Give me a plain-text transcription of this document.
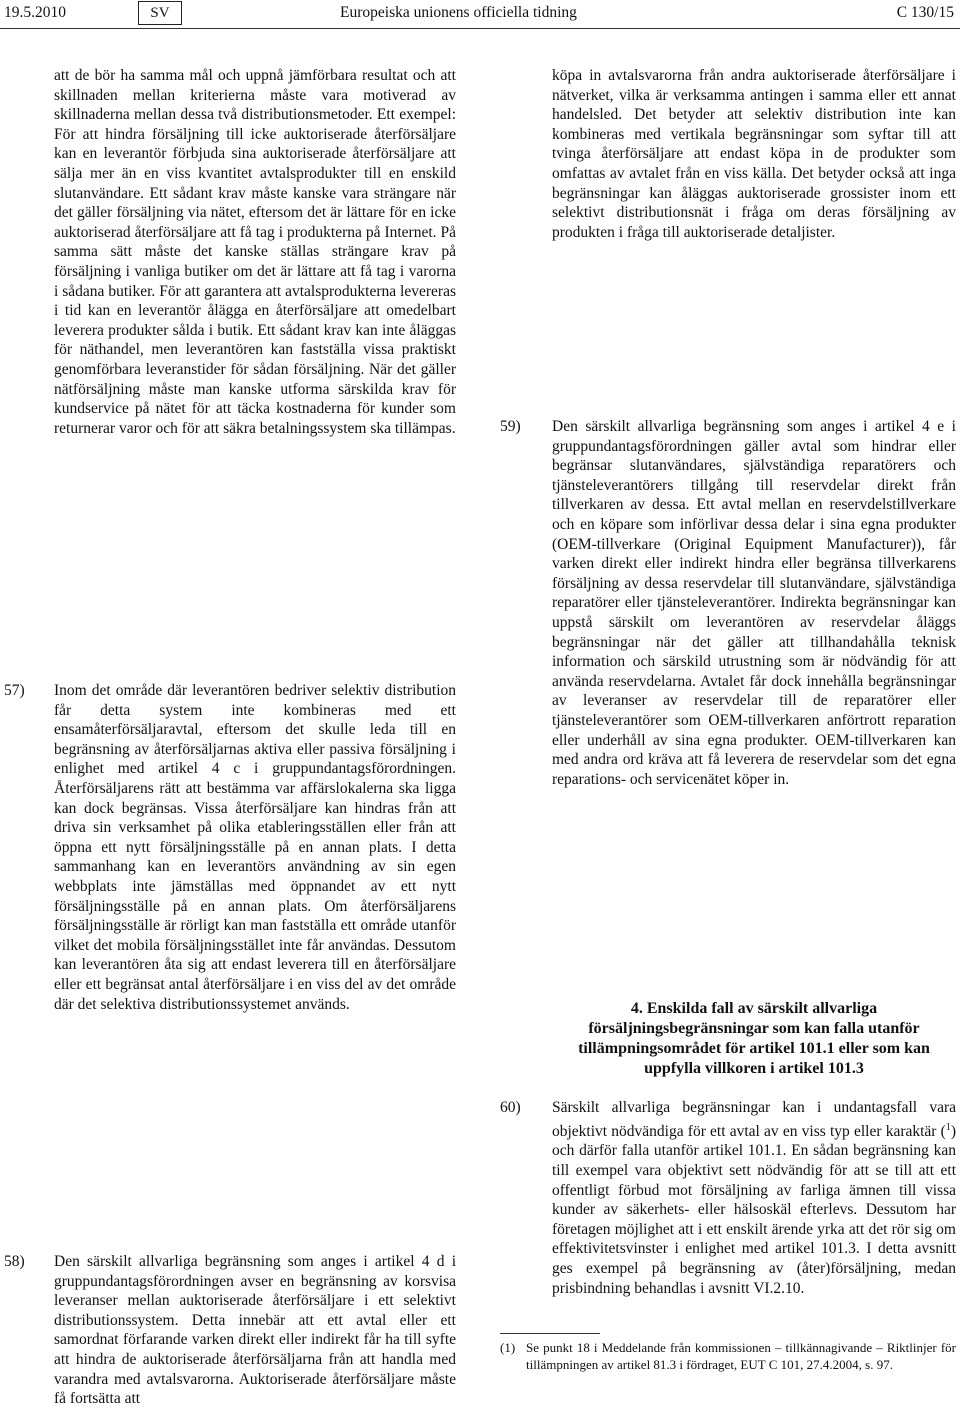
19.5.2010	SV	Europeiska unionens officiella tidning	C 130/15
att de bör ha samma mål och uppnå jämförbara resultat och att skillnaden mellan kriterierna måste vara motiverad av skillnaderna mellan dessa två distributionsmetoder. Ett exempel: För att hindra försäljning till icke auktoriserade återförsäljare kan en leverantör förbjuda sina auktoriserade återförsäljare att sälja mer än en viss kvantitet avtalsprodukter till en enskild slutanvändare. Ett sådant krav måste kanske vara strängare när det gäller försäljning via nätet, eftersom det är lättare för en icke auktoriserad återförsäljare att få tag i produkterna på Internet. På samma sätt måste det kanske ställas strängare krav på försäljning i vanliga butiker om det är lättare att få tag i varorna i sådana butiker. För att garantera att avtalsprodukterna levereras i tid kan en leverantör ålägga en återförsäljare att omedelbart leverera produkter sålda i butik. Ett sådant krav kan inte åläggas för näthandel, men leverantören kan fastställa vissa praktiskt genomförbara leveranstider för sådan försäljning. När det gäller nätförsäljning måste man kanske utforma särskilda krav för kundservice på nätet för att täcka kostnaderna för kunder som returnerar varor och för att säkra betalningssystem ska tillämpas.
57) Inom det område där leverantören bedriver selektiv distribution får detta system inte kombineras med ett ensamåterförsäljaravtal, eftersom det skulle leda till en begränsning av återförsäljarnas aktiva eller passiva försäljning i enlighet med artikel 4 c i gruppundantagsförordningen. Återförsäljarens rätt att bestämma var affärslokalerna ska ligga kan dock begränsas. Vissa återförsäljare kan hindras från att driva sin verksamhet på olika etableringsställen eller från att öppna ett nytt försäljningsställe på en annan plats. I detta sammanhang kan en leverantörs användning av sin egen webbplats inte jämställas med öppnandet av ett nytt försäljningsställe på en annan plats. Om återförsäljarens försäljningsställe är rörligt kan man fastställa ett område utanför vilket det mobila försäljningsstället inte får användas. Dessutom kan leverantören åta sig att endast leverera till en återförsäljare eller ett begränsat antal återförsäljare i en viss del av det område där det selektiva distributionssystemet används.
58) Den särskilt allvarliga begränsning som anges i artikel 4 d i gruppundantagsförordningen avser en begränsning av korsvisa leveranser mellan auktoriserade återförsäljare i ett selektivt distributionssystem. Detta innebär att ett avtal eller ett samordnat förfarande varken direkt eller indirekt får ha till syfte att hindra de auktoriserade återförsäljarna från att handla med varandra med avtalsvarorna. Auktoriserade återförsäljare måste få fortsätta att
köpa in avtalsvarorna från andra auktoriserade återförsäljare i nätverket, vilka är verksamma antingen i samma eller ett annat handelsled. Det betyder att selektiv distribution inte kan kombineras med vertikala begränsningar som syftar till att tvinga återförsäljare att endast köpa in de produkter som omfattas av avtalet från en viss källa. Det betyder också att inga begränsningar kan åläggas auktoriserade grossister inom ett selektivt distributionsnät i fråga om deras försäljning av produkten i fråga till auktoriserade detaljister.
59) Den särskilt allvarliga begränsning som anges i artikel 4 e i gruppundantagsförordningen gäller avtal som hindrar eller begränsar slutanvändares, självständiga reparatörers och tjänsteleverantörers tillgång till reservdelar direkt från tillverkaren av dessa. Ett avtal mellan en reservdelstillverkare och en köpare som införlivar dessa delar i sina egna produkter (OEM-tillverkare (Original Equipment Manufacturer)), får varken direkt eller indirekt hindra eller begränsa tillverkarens försäljning av dessa reservdelar till slutanvändare, självständiga reparatörer eller tjänsteleverantörer. Indirekta begränsningar kan uppstå särskilt om leverantören av reservdelar åläggs begränsningar när det gäller att tillhandahålla teknisk information och särskild utrustning som är nödvändig för att använda reservdelarna. Avtalet får dock innehålla begränsningar av leveranser av reservdelar till de reparatörer eller tjänsteleverantörer som OEM-tillverkaren anförtrott reparation eller underhåll av sina egna produkter. OEM-tillverkaren kan med andra ord kräva att få leverera de reservdelar som det egna reparations- och servicenätet köper in.
4. Enskilda fall av särskilt allvarliga försäljningsbegränsningar som kan falla utanför tillämpningsområdet för artikel 101.1 eller som kan uppfylla villkoren i artikel 101.3
60) Särskilt allvarliga begränsningar kan i undantagsfall vara objektivt nödvändiga för ett avtal av en viss typ eller karaktär ($^1$) och därför falla utanför artikel 101.1. En sådan begränsning kan till exempel vara objektivt sett nödvändig för att se till att ett offentligt förbud mot försäljning av farliga ämnen till vissa kunder av säkerhets- eller hälsoskäl efterlevs. Dessutom har företagen möjlighet att i ett enskilt ärende yrka att det rör sig om effektivitetsvinster i enlighet med artikel 101.3. I detta avsnitt ges exempel på begränsning av (åter)försäljning, medan prisbindning behandlas i avsnitt VI.2.10.
(1) Se punkt 18 i Meddelande från kommissionen – tillkännagivande – Riktlinjer för tillämpningen av artikel 81.3 i fördraget, EUT C 101, 27.4.2004, s. 97.
